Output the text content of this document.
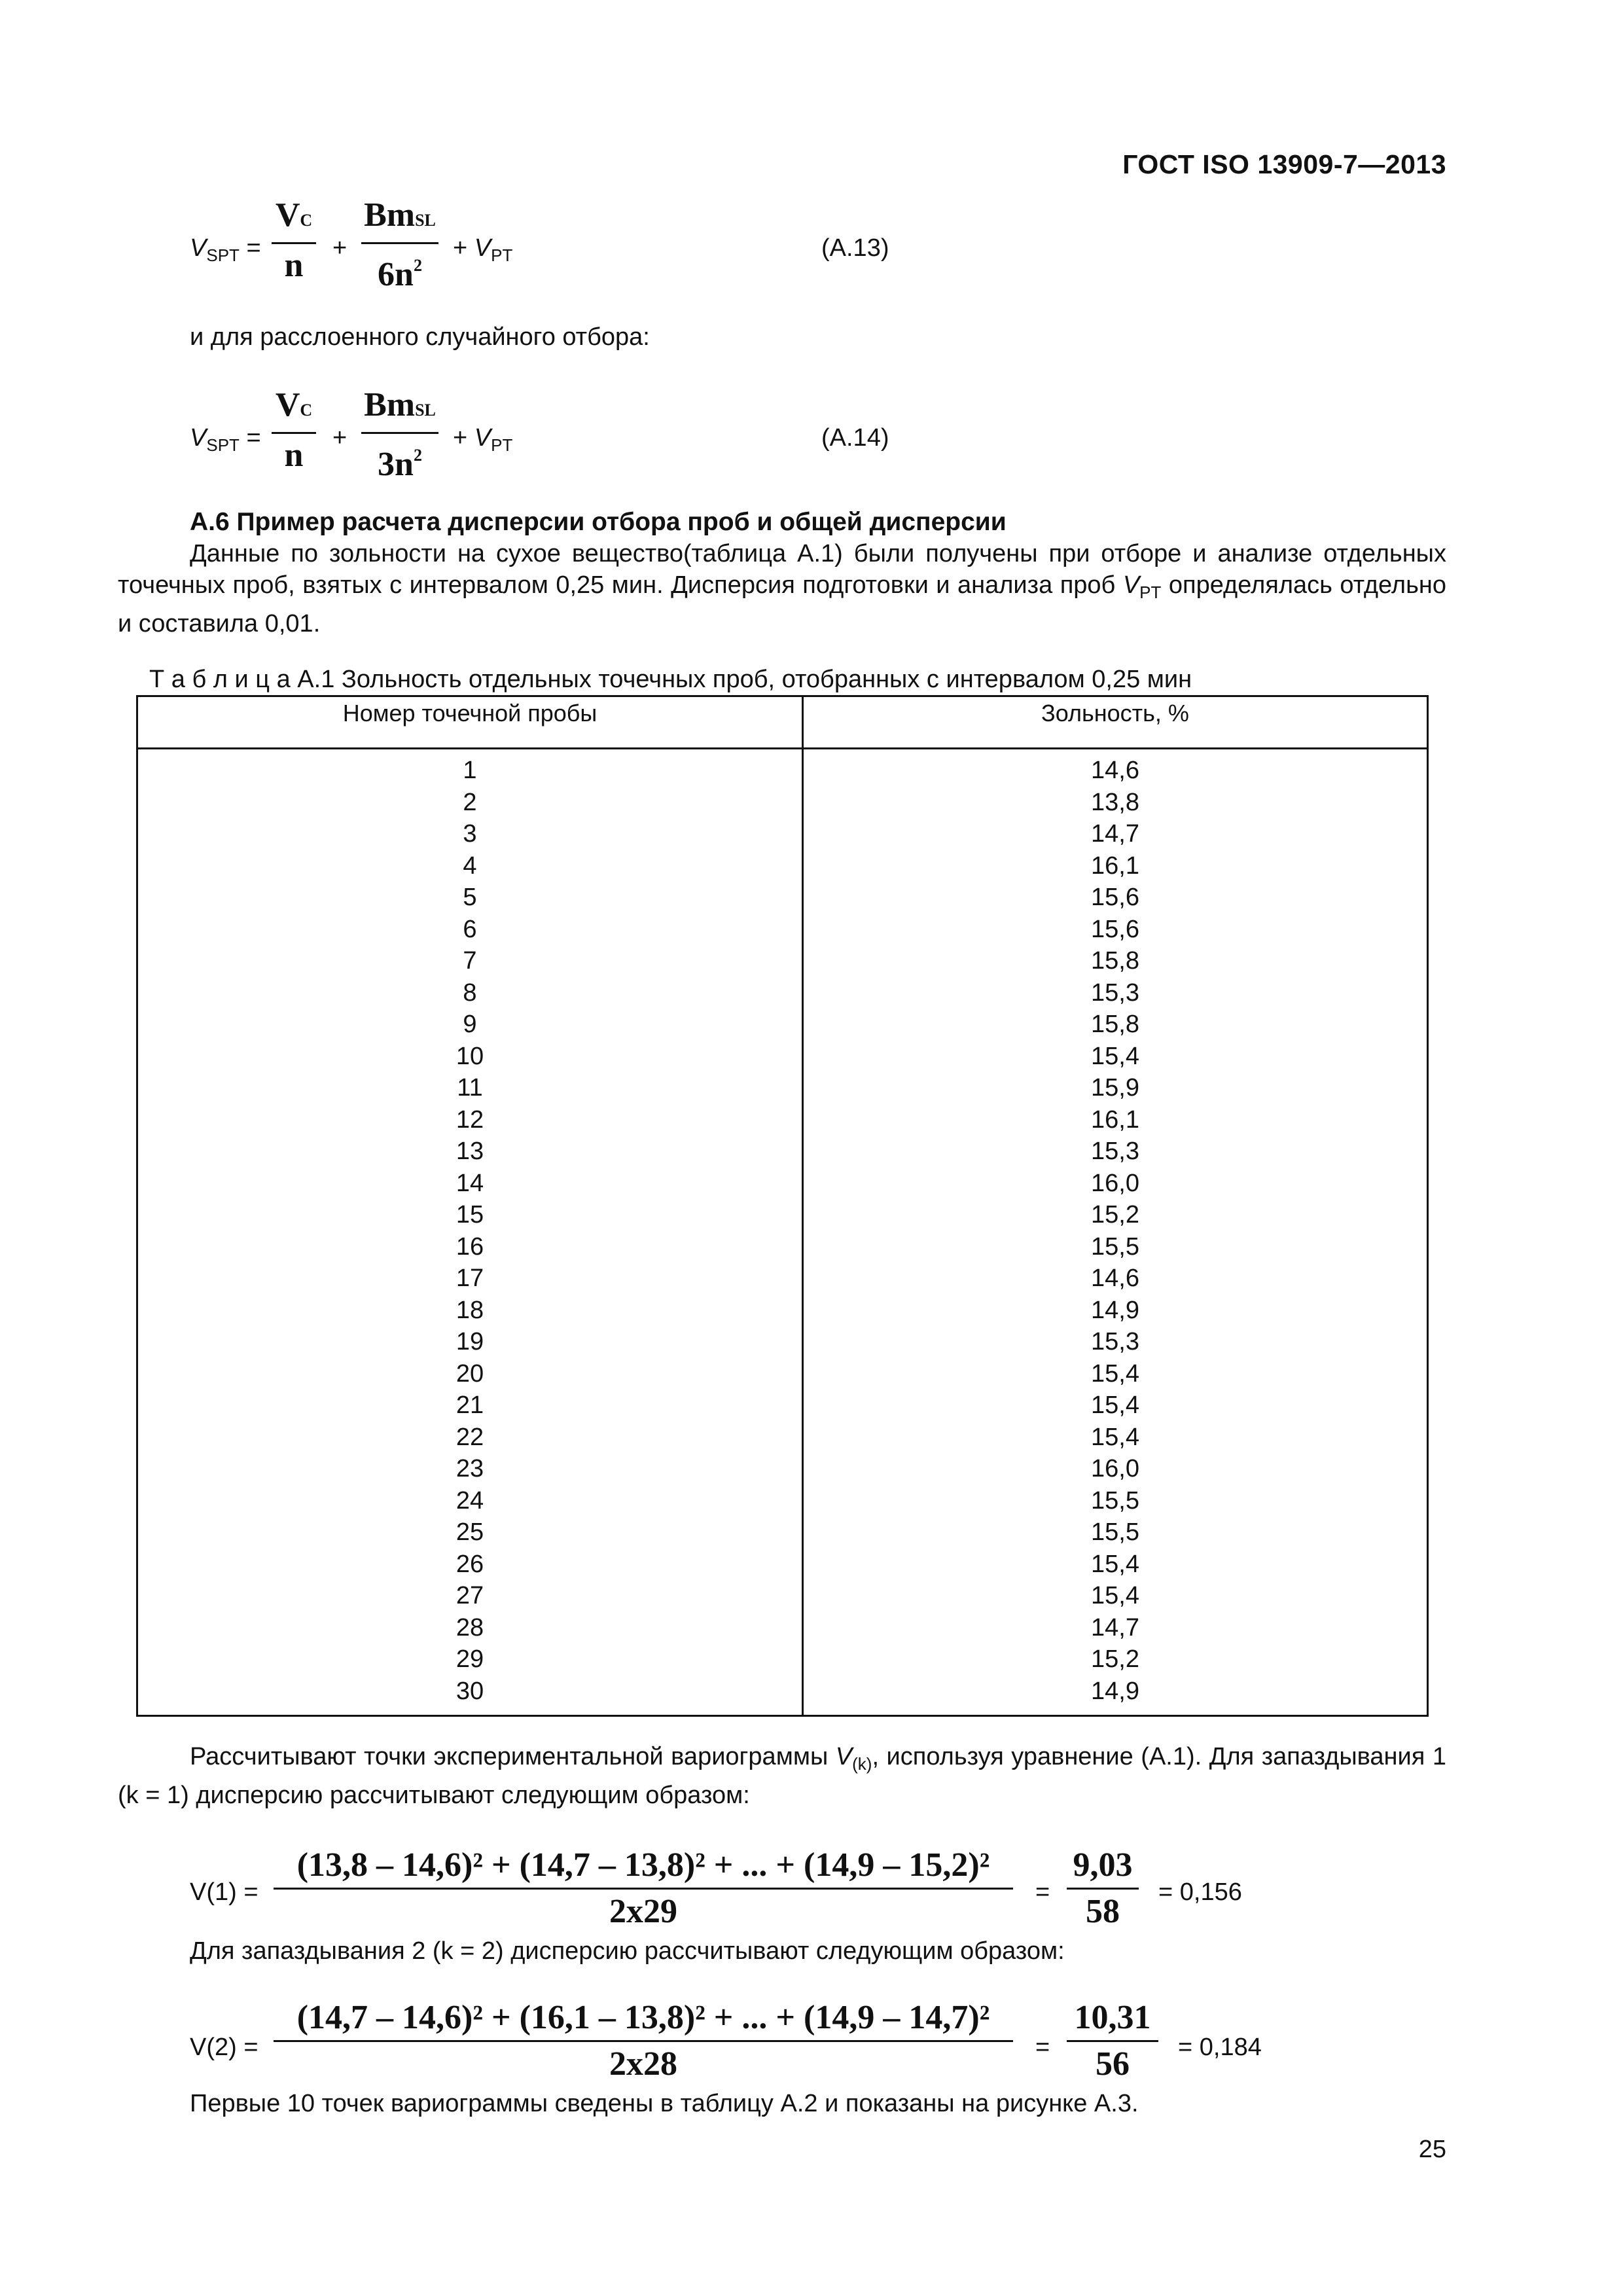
ГОСТ ISO 13909-7—2013
$V_{SPT}$ =
VC
n	+
BmSL
$6n^2$
+ $V_{PT}$	(A.13)
и для расслоенного случайного отбора:
$V_{SPT}$ =
VC
n	+
BmSL
$3n^2$
+ $V_{PT}$	(A.14)
А.6 Пример расчета дисперсии отбора проб и общей дисперсии
Данные по зольности на сухое вещество(таблица А.1) были получены при отборе и анализе отдельных точечных проб, взятых с интервалом 0,25 мин. Дисперсия подготовки и анализа проб $V_{PT}$ определялась отдельно и составила 0,01.
Т а б л и ц а А.1 Зольность отдельных точечных проб, отобранных с интервалом 0,25 мин
Номер точечной пробы	Зольность, %
1	14,6
2	13,8
3	14,7
4	16,1
5	15,6
6	15,6
7	15,8
8	15,3
9	15,8
10	15,4
11	15,9
12	16,1
13	15,3
14	16,0
15	15,2
16	15,5
17	14,6
18	14,9
19	15,3
20	15,4
21	15,4
22	15,4
23	16,0
24	15,5
25	15,5
26	15,4
27	15,4
28	14,7
29	15,2
30	14,9
Рассчитывают точки экспериментальной вариограммы $V_{(k)}$, используя уравнение (А.1). Для запаздывания 1 (k = 1) дисперсию рассчитывают следующим образом:
V(1) =
(13,8 – 14,6)² + (14,7 – 13,8)² + ... + (14,9 – 15,2)²
2x29
=
9,03
58
= 0,156
Для запаздывания 2 (k = 2) дисперсию рассчитывают следующим образом:
V(2) =
(14,7 – 14,6)² + (16,1 – 13,8)² + ... + (14,9 – 14,7)²
2x28	=
10,31
56	= 0,184
Первые 10 точек вариограммы сведены в таблицу А.2 и показаны на рисунке А.3.
25
